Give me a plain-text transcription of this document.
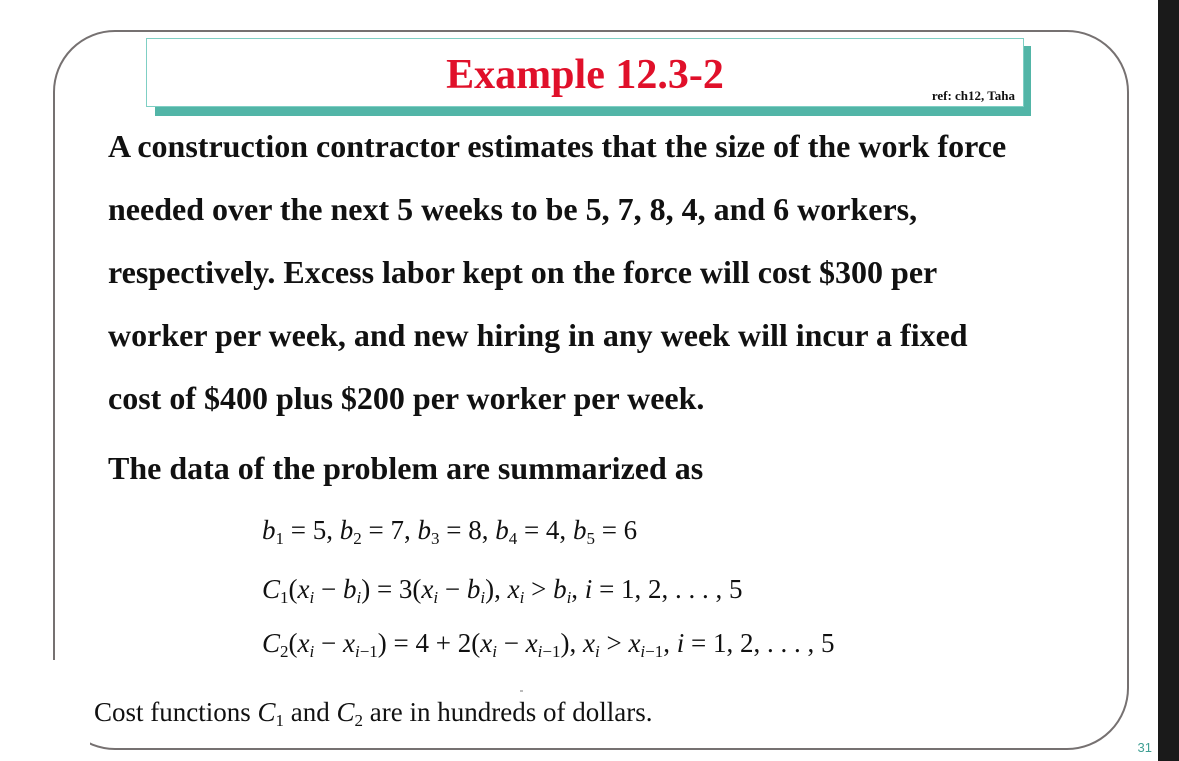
Example 12.3-2	ref: ch12, Taha

A construction contractor estimates that the size of the work force

needed over the next 5 weeks to be 5, 7, 8, 4, and 6 workers,

respectively. Excess labor kept on the force will cost $300 per

worker per week, and new hiring in any week will incur a fixed

cost of $400 plus $200 per worker per week.

The data of the problem are summarized as

$b_1 = 5$, $b_2 = 7$, $b_3 = 8$, $b_4 = 4$, $b_5 = 6$

$C_1(x_i - b_i) = 3(x_i - b_i)$, $x_i > b_i$, i = 1, 2, . . . , 5

$C_2(x_i - x_{i-1}) = 4 + 2(x_i - x_{i-1})$, $x_i > x_{i-1}$, i = 1, 2, . . . , 5

Cost functions $C_1$ and $C_2$ are in hundreds of dollars.

31
